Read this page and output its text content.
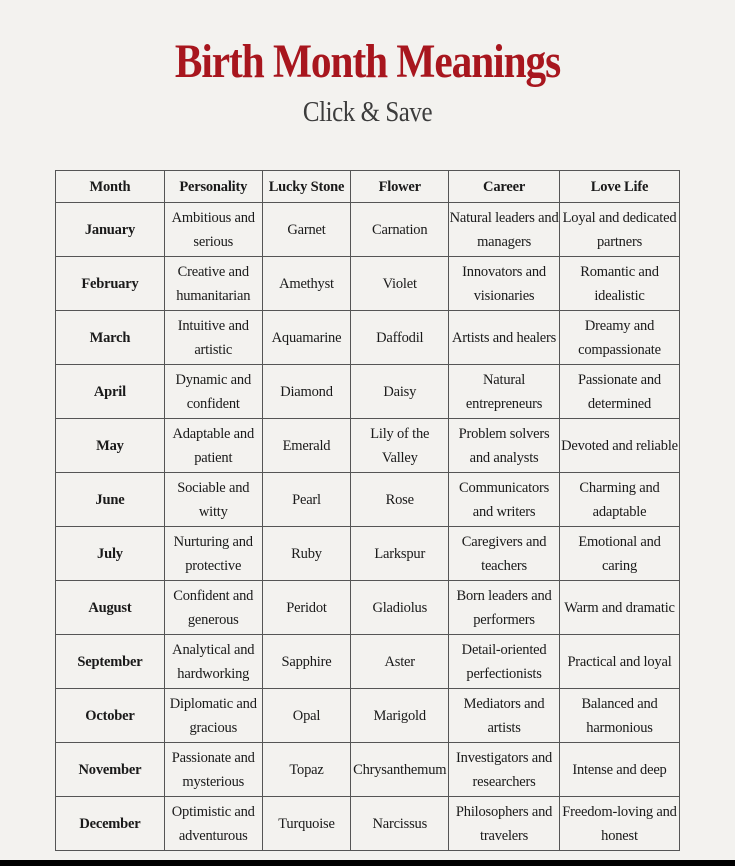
Birth Month Meanings
Click & Save
Month	Personality	Lucky Stone	Flower	Career	Love Life
January	Ambitious and serious	Garnet	Carnation	Natural leaders and managers	Loyal and dedicated partners
February	Creative and humanitarian	Amethyst	Violet	Innovators and visionaries	Romantic and idealistic
March	Intuitive and artistic	Aquamarine	Daffodil	Artists and healers	Dreamy and compassionate
April	Dynamic and confident	Diamond	Daisy	Natural entrepreneurs	Passionate and determined
May	Adaptable and patient	Emerald	Lily of the Valley	Problem solvers and analysts	Devoted and reliable
June	Sociable and witty	Pearl	Rose	Communicators and writers	Charming and adaptable
July	Nurturing and protective	Ruby	Larkspur	Caregivers and teachers	Emotional and caring
August	Confident and generous	Peridot	Gladiolus	Born leaders and performers	Warm and dramatic
September	Analytical and hardworking	Sapphire	Aster	Detail-oriented perfectionists	Practical and loyal
October	Diplomatic and gracious	Opal	Marigold	Mediators and artists	Balanced and harmonious
November	Passionate and mysterious	Topaz	Chrysanthemum	Investigators and researchers	Intense and deep
December	Optimistic and adventurous	Turquoise	Narcissus	Philosophers and travelers	Freedom-loving and honest
